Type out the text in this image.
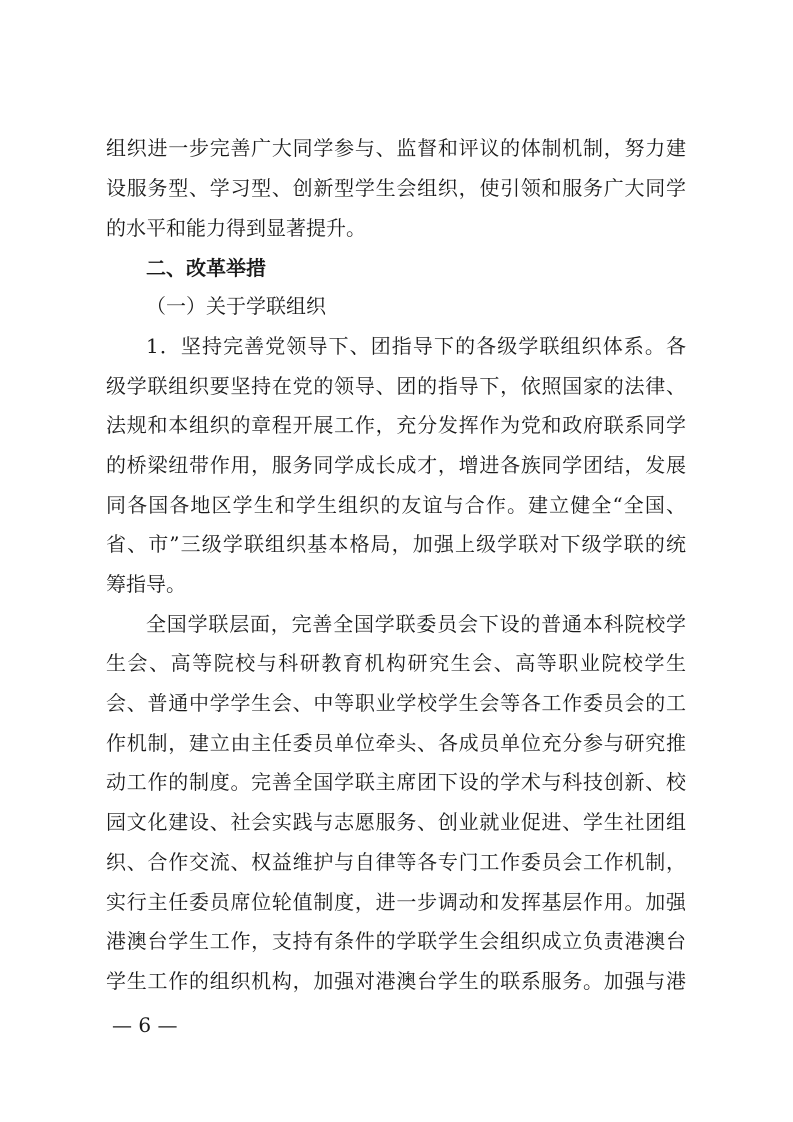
组织进一步完善广大同学参与、监督和评议的体制机制，努力建
设服务型、学习型、创新型学生会组织，使引领和服务广大同学
的水平和能力得到显著提升。
二、改革举措
（一）关于学联组织
1．坚持完善党领导下、团指导下的各级学联组织体系。各
级学联组织要坚持在党的领导、团的指导下，依照国家的法律、
法规和本组织的章程开展工作，充分发挥作为党和政府联系同学
的桥梁纽带作用，服务同学成长成才，增进各族同学团结，发展
同各国各地区学生和学生组织的友谊与合作。建立健全“全国、
省、市”三级学联组织基本格局，加强上级学联对下级学联的统
筹指导。
全国学联层面，完善全国学联委员会下设的普通本科院校学
生会、高等院校与科研教育机构研究生会、高等职业院校学生
会、普通中学学生会、中等职业学校学生会等各工作委员会的工
作机制，建立由主任委员单位牵头、各成员单位充分参与研究推
动工作的制度。完善全国学联主席团下设的学术与科技创新、校
园文化建设、社会实践与志愿服务、创业就业促进、学生社团组
织、合作交流、权益维护与自律等各专门工作委员会工作机制，
实行主任委员席位轮值制度，进一步调动和发挥基层作用。加强
港澳台学生工作，支持有条件的学联学生会组织成立负责港澳台
学生工作的组织机构，加强对港澳台学生的联系服务。加强与港
— 6 —
